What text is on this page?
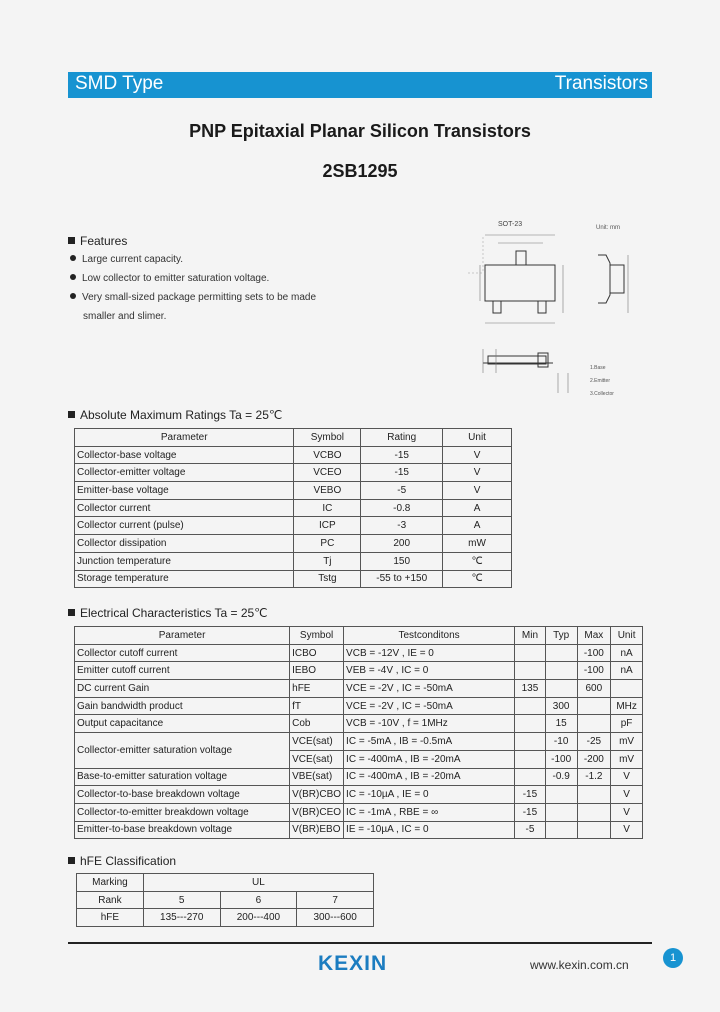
SMD Type	Transistors
PNP Epitaxial Planar Silicon Transistors
2SB1295
Features
Large current capacity.
Low collector to emitter saturation voltage.
Very small-sized package permitting sets to be made
smaller and slimer.
SOT-23	Unit: mm
1.Base
2.Emitter
3.Collector
Absolute Maximum Ratings Ta = 25℃
Parameter	Symbol	Rating	Unit
Collector-base voltage	VCBO	-15	V
Collector-emitter voltage	VCEO	-15	V
Emitter-base voltage	VEBO	-5	V
Collector current	IC	-0.8	A
Collector current (pulse)	ICP	-3	A
Collector dissipation	PC	200	mW
Junction temperature	Tj	150	℃
Storage temperature	Tstg	-55 to +150	℃
Electrical Characteristics Ta = 25℃
Parameter	Symbol	Testconditons	Min	Typ	Max	Unit
Collector cutoff current	ICBO	VCB = -12V , IE = 0			-100	nA
Emitter cutoff current	IEBO	VEB = -4V , IC = 0			-100	nA
DC current Gain	hFE	VCE = -2V , IC = -50mA	135		600	
Gain bandwidth product	fT	VCE = -2V , IC = -50mA		300		MHz
Output capacitance	Cob	VCB = -10V , f = 1MHz		15		pF
Collector-emitter saturation voltage	VCE(sat)	IC = -5mA , IB = -0.5mA		-10	-25	mV
	VCE(sat)	IC = -400mA , IB = -20mA		-100	-200	mV
Base-to-emitter saturation voltage	VBE(sat)	IC = -400mA , IB = -20mA		-0.9	-1.2	V
Collector-to-base breakdown voltage	V(BR)CBO	IC = -10µA , IE = 0	-15			V
Collector-to-emitter breakdown voltage	V(BR)CEO	IC = -1mA , RBE = ∞	-15			V
Emitter-to-base breakdown voltage	V(BR)EBO	IE = -10µA , IC = 0	-5			V
hFE Classification
Marking	UL		
Rank	5	6	7
hFE	135---270	200---400	300---600
1
KEXIN	www.kexin.com.cn
